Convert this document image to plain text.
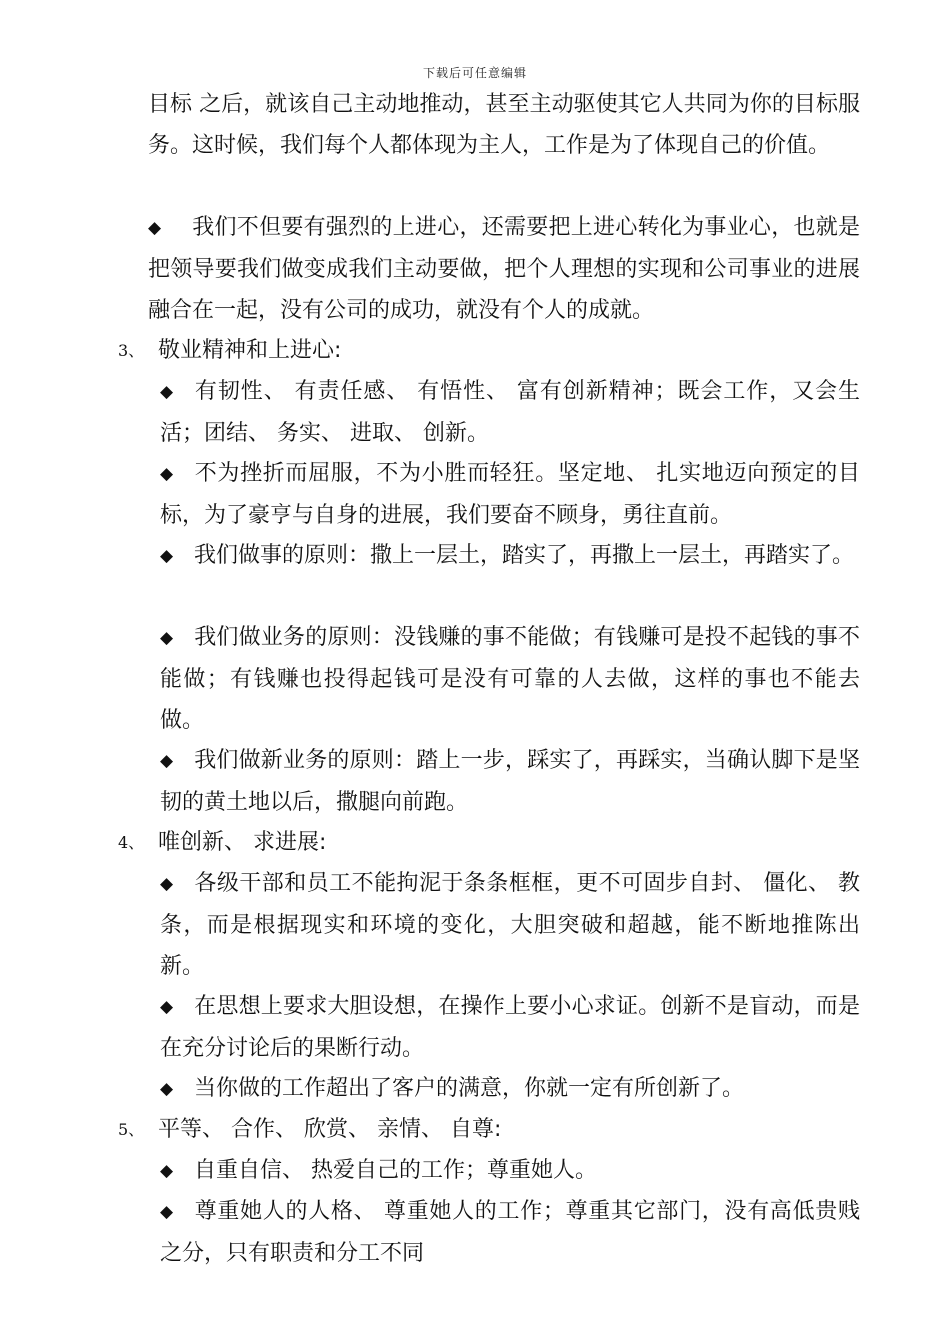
下载后可任意编辑
目标 之后，就该自己主动地推动，甚至主动驱使其它人共同为你的目标服务。这时候，我们每个人都体现为主人，工作是为了体现自己的价值。
◆ 我们不但要有强烈的上进心，还需要把上进心转化为事业心，也就是把领导要我们做变成我们主动要做，把个人理想的实现和公司事业的进展融合在一起，没有公司的成功，就没有个人的成就。
3、 敬业精神和上进心:
◆ 有韧性、 有责任感、 有悟性、 富有创新精神；既会工作，又会生活；团结、 务实、 进取、 创新。
◆ 不为挫折而屈服，不为小胜而轻狂。坚定地、 扎实地迈向预定的目标，为了豪亨与自身的进展，我们要奋不顾身，勇往直前。
◆ 我们做事的原则：撒上一层土，踏实了，再撒上一层土，再踏实了。
◆ 我们做业务的原则：没钱赚的事不能做；有钱赚可是投不起钱的事不能做；有钱赚也投得起钱可是没有可靠的人去做，这样的事也不能去做。
◆ 我们做新业务的原则：踏上一步，踩实了，再踩实，当确认脚下是坚韧的黄土地以后，撒腿向前跑。
4、 唯创新、 求进展:
◆ 各级干部和员工不能拘泥于条条框框，更不可固步自封、 僵化、 教条，而是根据现实和环境的变化，大胆突破和超越，能不断地推陈出新。
◆ 在思想上要求大胆设想，在操作上要小心求证。创新不是盲动，而是在充分讨论后的果断行动。
◆ 当你做的工作超出了客户的满意，你就一定有所创新了。
5、 平等、 合作、 欣赏、 亲情、 自尊:
◆ 自重自信、 热爱自己的工作；尊重她人。
◆ 尊重她人的人格、 尊重她人的工作；尊重其它部门，没有高低贵贱之分，只有职责和分工不同
